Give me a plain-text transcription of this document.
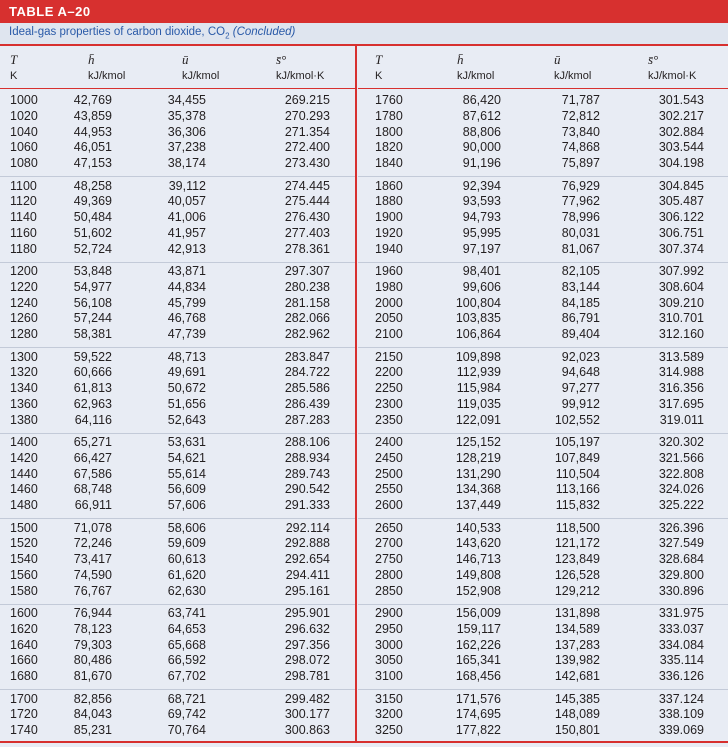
TABLE A–20
Ideal-gas properties of carbon dioxide, $CO_2$ (Concluded)
T
K
h̄
kJ/kmol
ū
kJ/kmol
s̄°
kJ/kmol·K
1000	42,769	34,455	269.215
1020	43,859	35,378	270.293
1040	44,953	36,306	271.354
1060	46,051	37,238	272.400
1080	47,153	38,174	273.430
1100	48,258	39,112	274.445
1120	49,369	40,057	275.444
1140	50,484	41,006	276.430
1160	51,602	41,957	277.403
1180	52,724	42,913	278.361
1200	53,848	43,871	297.307
1220	54,977	44,834	280.238
1240	56,108	45,799	281.158
1260	57,244	46,768	282.066
1280	58,381	47,739	282.962
1300	59,522	48,713	283.847
1320	60,666	49,691	284.722
1340	61,813	50,672	285.586
1360	62,963	51,656	286.439
1380	64,116	52,643	287.283
1400	65,271	53,631	288.106
1420	66,427	54,621	288.934
1440	67,586	55,614	289.743
1460	68,748	56,609	290.542
1480	66,911	57,606	291.333
1500	71,078	58,606	292.114
1520	72,246	59,609	292.888
1540	73,417	60,613	292.654
1560	74,590	61,620	294.411
1580	76,767	62,630	295.161
1600	76,944	63,741	295.901
1620	78,123	64,653	296.632
1640	79,303	65,668	297.356
1660	80,486	66,592	298.072
1680	81,670	67,702	298.781
1700	82,856	68,721	299.482
1720	84,043	69,742	300.177
1740	85,231	70,764	300.863
T
K
h̄
kJ/kmol
ū
kJ/kmol
s̄°
kJ/kmol·K
1760	86,420	71,787	301.543
1780	87,612	72,812	302.217
1800	88,806	73,840	302.884
1820	90,000	74,868	303.544
1840	91,196	75,897	304.198
1860	92,394	76,929	304.845
1880	93,593	77,962	305.487
1900	94,793	78,996	306.122
1920	95,995	80,031	306.751
1940	97,197	81,067	307.374
1960	98,401	82,105	307.992
1980	99,606	83,144	308.604
2000	100,804	84,185	309.210
2050	103,835	86,791	310.701
2100	106,864	89,404	312.160
2150	109,898	92,023	313.589
2200	112,939	94,648	314.988
2250	115,984	97,277	316.356
2300	119,035	99,912	317.695
2350	122,091	102,552	319.011
2400	125,152	105,197	320.302
2450	128,219	107,849	321.566
2500	131,290	110,504	322.808
2550	134,368	113,166	324.026
2600	137,449	115,832	325.222
2650	140,533	118,500	326.396
2700	143,620	121,172	327.549
2750	146,713	123,849	328.684
2800	149,808	126,528	329.800
2850	152,908	129,212	330.896
2900	156,009	131,898	331.975
2950	159,117	134,589	333.037
3000	162,226	137,283	334.084
3050	165,341	139,982	335.114
3100	168,456	142,681	336.126
3150	171,576	145,385	337.124
3200	174,695	148,089	338.109
3250	177,822	150,801	339.069
